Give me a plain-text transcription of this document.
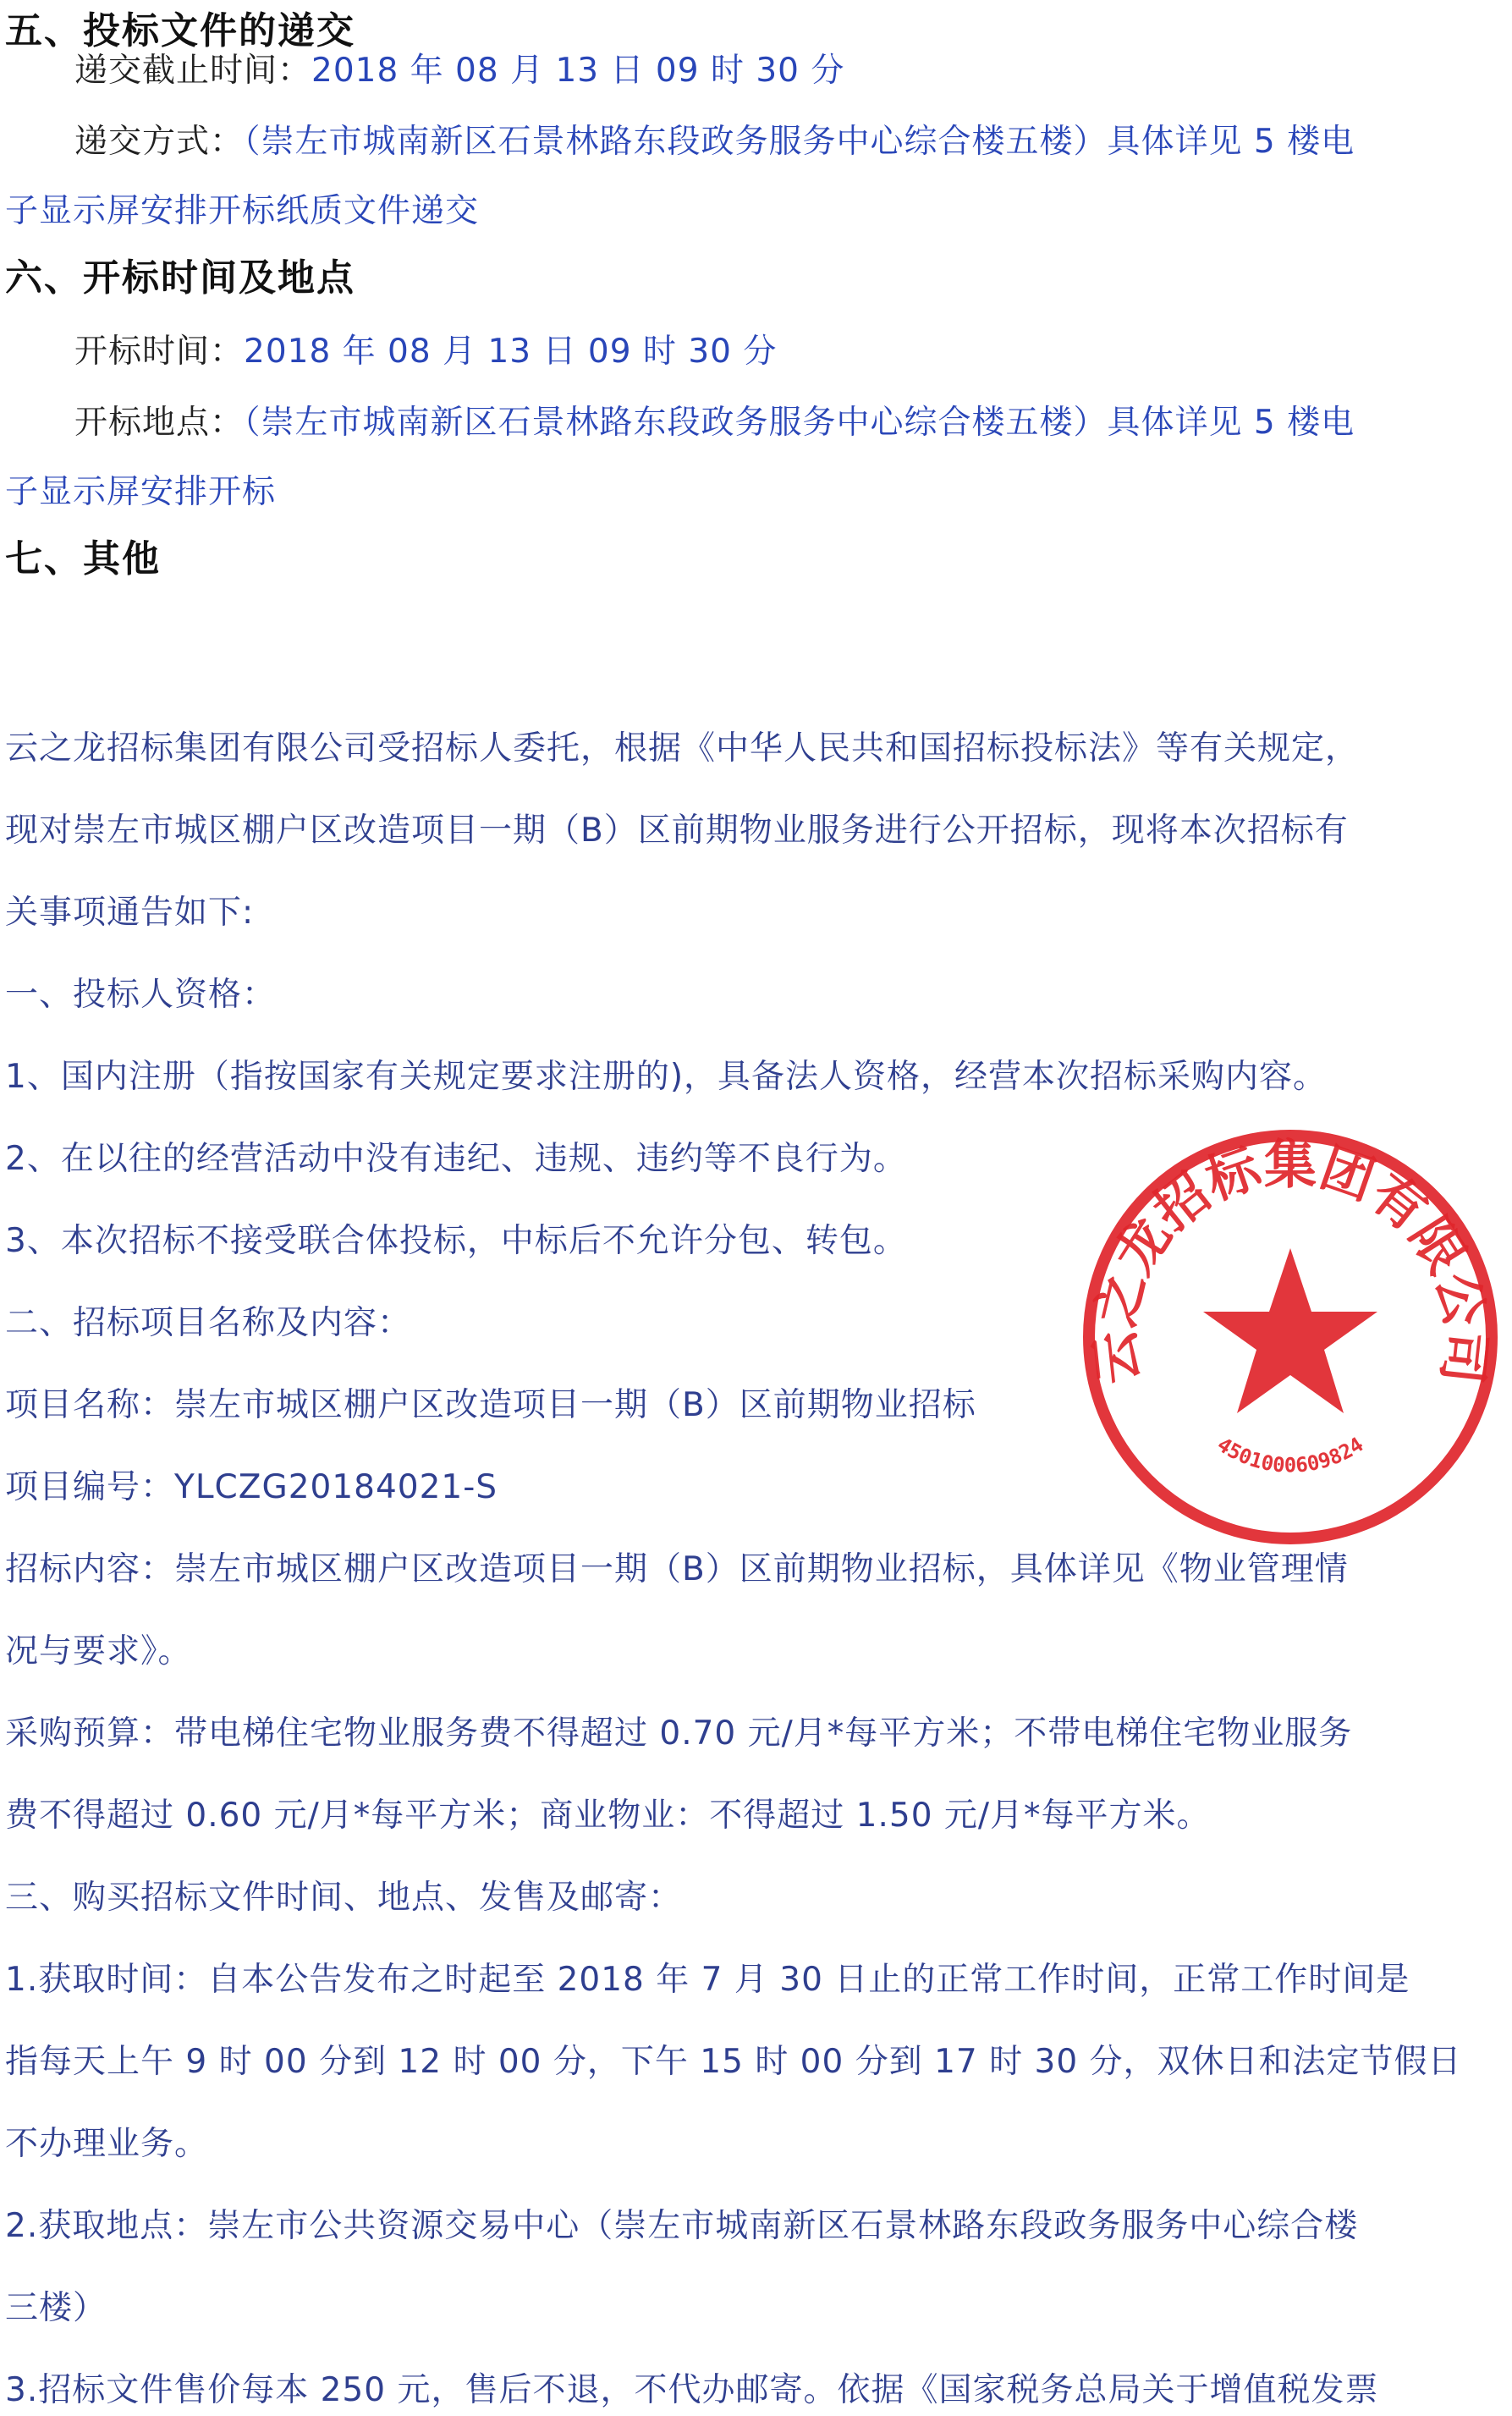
五、投标文件的递交
递交截止时间：2018 年 08 月 13 日 09 时 30 分
递交方式：（崇左市城南新区石景林路东段政务服务中心综合楼五楼）具体详见 5 楼电
子显示屏安排开标纸质文件递交
六、开标时间及地点
开标时间：2018 年 08 月 13 日 09 时 30 分
开标地点：（崇左市城南新区石景林路东段政务服务中心综合楼五楼）具体详见 5 楼电
子显示屏安排开标
七、其他
云之龙招标集团有限公司受招标人委托，根据《中华人民共和国招标投标法》等有关规定，
现对崇左市城区棚户区改造项目一期（B）区前期物业服务进行公开招标，现将本次招标有
关事项通告如下:
一、投标人资格：
1、国内注册（指按国家有关规定要求注册的)，具备法人资格，经营本次招标采购内容。
2、在以往的经营活动中没有违纪、违规、违约等不良行为。
3、本次招标不接受联合体投标，中标后不允许分包、转包。
二、招标项目名称及内容：
项目名称：崇左市城区棚户区改造项目一期（B）区前期物业招标
项目编号：YLCZG20184021-S
招标内容：崇左市城区棚户区改造项目一期（B）区前期物业招标，具体详见《物业管理情
况与要求》。
采购预算：带电梯住宅物业服务费不得超过 0.70 元/月*每平方米；不带电梯住宅物业服务
费不得超过 0.60 元/月*每平方米；商业物业：不得超过 1.50 元/月*每平方米。
三、购买招标文件时间、地点、发售及邮寄：
1.获取时间：自本公告发布之时起至 2018 年 7 月 30 日止的正常工作时间，正常工作时间是
指每天上午 9 时 00 分到 12 时 00 分，下午 15 时 00 分到 17 时 30 分，双休日和法定节假日
不办理业务。
2.获取地点：崇左市公共资源交易中心（崇左市城南新区石景林路东段政务服务中心综合楼
三楼）
3.招标文件售价每本 250 元，售后不退，不代办邮寄。依据《国家税务总局关于增值税发票
云之龙招标集团有限公司
4501000609824
